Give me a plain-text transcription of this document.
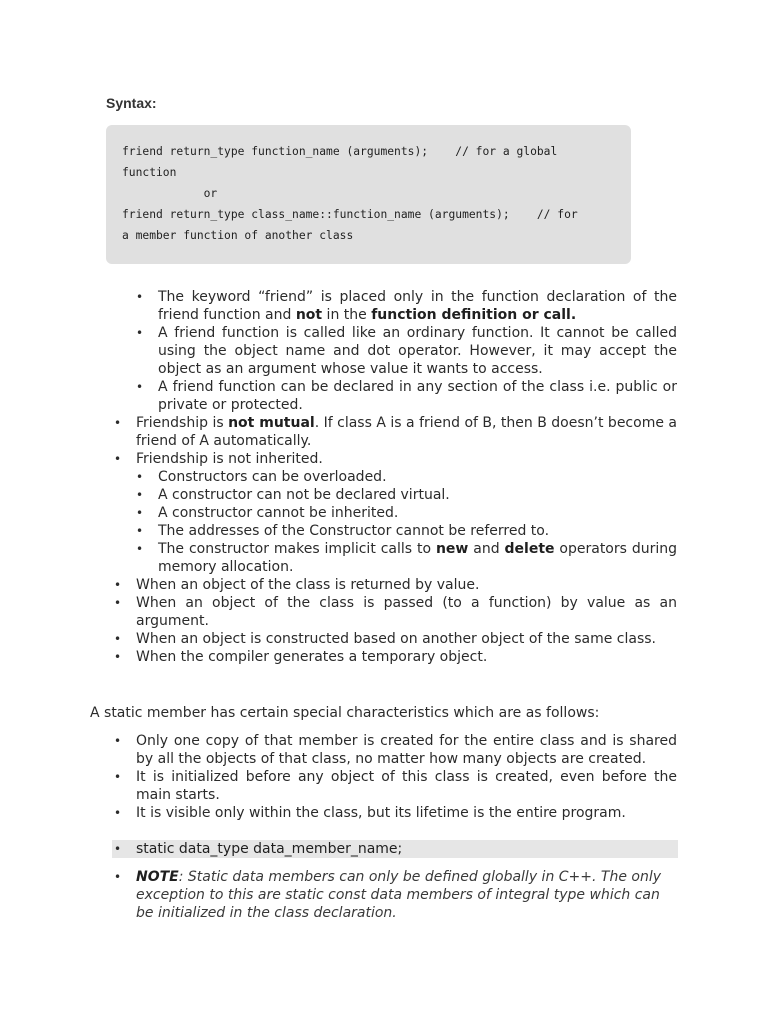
Syntax:
friend return_type function_name (arguments);    // for a global
function
or
friend return_type class_name::function_name (arguments);    // for
a member function of another class
• The keyword “friend” is placed only in the function declaration of the friend function and not in the function definition or call.
• A friend function is called like an ordinary function. It cannot be called using the object name and dot operator. However, it may accept the object as an argument whose value it wants to access.
• A friend function can be declared in any section of the class i.e. public or private or protected.
• Friendship is not mutual. If class A is a friend of B, then B doesn’t become a friend of A automatically.
• Friendship is not inherited.
• Constructors can be overloaded.
• A constructor can not be declared virtual.
• A constructor cannot be inherited.
• The addresses of the Constructor cannot be referred to.
• The constructor makes implicit calls to new and delete operators during memory allocation.
• When an object of the class is returned by value.
• When an object of the class is passed (to a function) by value as an argument.
• When an object is constructed based on another object of the same class.
• When the compiler generates a temporary object.

A static member has certain special characteristics which are as follows:

• Only one copy of that member is created for the entire class and is shared by all the objects of that class, no matter how many objects are created.
• It is initialized before any object of this class is created, even before the main starts.
• It is visible only within the class, but its lifetime is the entire program.
• static data_type data_member_name;
• NOTE: Static data members can only be defined globally in C++. The only exception to this are static const data members of integral type which can be initialized in the class declaration.
